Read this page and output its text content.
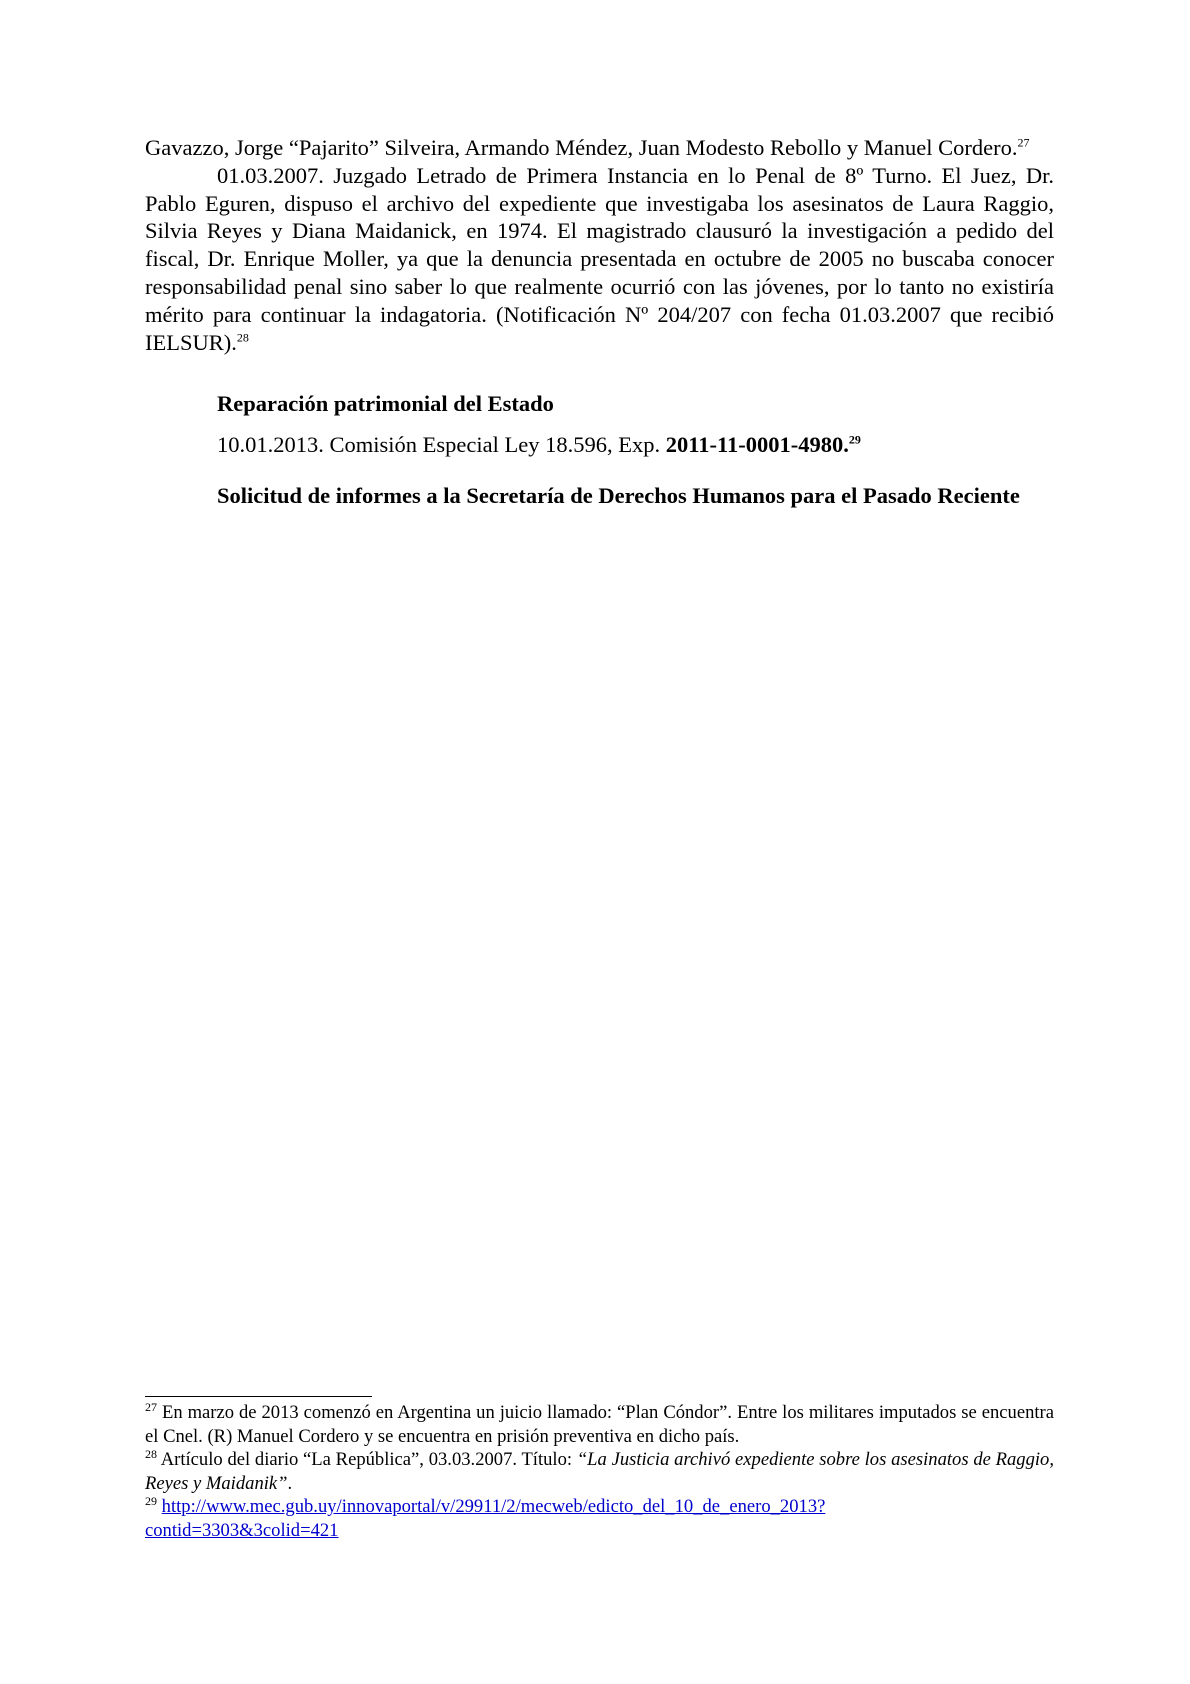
Gavazzo, Jorge “Pajarito” Silveira, Armando Méndez, Juan Modesto Rebollo y Manuel Cordero.$^{27}$

01.03.2007. Juzgado Letrado de Primera Instancia en lo Penal de 8º Turno. El Juez, Dr. Pablo Eguren, dispuso el archivo del expediente que investigaba los asesinatos de Laura Raggio, Silvia Reyes y Diana Maidanick, en 1974. El magistrado clausuró la investigación a pedido del fiscal, Dr. Enrique Moller, ya que la denuncia presentada en octubre de 2005 no buscaba conocer responsabilidad penal sino saber lo que realmente ocurrió con las jóvenes, por lo tanto no existiría mérito para continuar la indagatoria. (Notificación Nº 204/207 con fecha 01.03.2007 que recibió IELSUR).$^{28}$

Reparación patrimonial del Estado

10.01.2013. Comisión Especial Ley 18.596, Exp. 2011-11-0001-4980.29

Solicitud de informes a la Secretaría de Derechos Humanos para el Pasado Reciente

$^{27}$ En marzo de 2013 comenzó en Argentina un juicio llamado: “Plan Cóndor”. Entre los militares imputados se encuentra el Cnel. (R) Manuel Cordero y se encuentra en prisión preventiva en dicho país.

$^{28}$ Artículo del diario “La República”, 03.03.2007. Título: “La Justicia archivó expediente sobre los asesinatos de Raggio, Reyes y Maidanik”.

$^{29}$ http://www.mec.gub.uy/innovaportal/v/29911/2/mecweb/edicto_del_10_de_enero_2013?
contid=3303&3colid=421
